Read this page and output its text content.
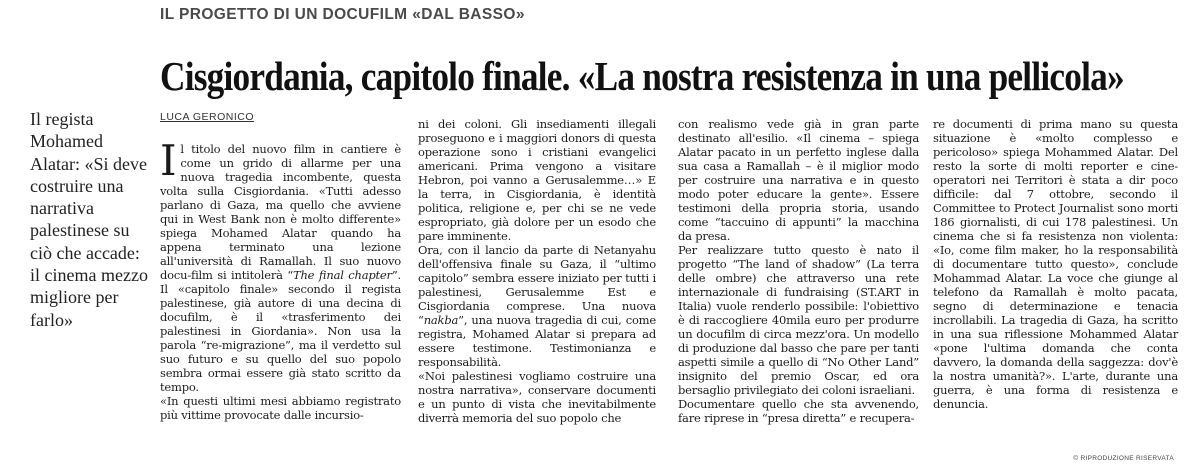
IL PROGETTO DI UN DOCUFILM «DAL BASSO»
Cisgiordania, capitolo finale. «La nostra resistenza in una pellicola»

Il regista Mohamed Alatar: «Si deve costruire una narrativa palestinese su ciò che accade: il cinema mezzo migliore per farlo»

LUCA GERONICO

Il titolo del nuovo film in cantiere è come un grido di allarme per una nuova tragedia incombente, questa volta sulla Cisgiordania. «Tutti adesso parlano di Gaza, ma quello che avviene qui in West Bank non è molto differente» spiega Mohamed Alatar quando ha appena terminato una lezione all'università di Ramallah. Il suo nuovo docu-film si intitolerà “The final chapter”. Il «capitolo finale» secondo il regista palestinese, già autore di una decina di docufilm, è il «trasferimento dei palestinesi in Giordania». Non usa la parola “re-migrazione”, ma il verdetto sul suo futuro e su quello del suo popolo sembra ormai essere già stato scritto da tempo.

«In questi ultimi mesi abbiamo registrato più vittime provocate dalle incursio-

ni dei coloni. Gli insediamenti illegali proseguono e i maggiori donors di questa operazione sono i cristiani evangelici americani. Prima vengono a visitare Hebron, poi vanno a Gerusalemme…» E la terra, in Cisgiordania, è identità politica, religione e, per chi se ne vede espropriato, già dolore per un esodo che pare imminente.

Ora, con il lancio da parte di Netanyahu dell'offensiva finale su Gaza, il “ultimo capitolo” sembra essere iniziato per tutti i palestinesi, Gerusalemme Est e Cisgiordania comprese. Una nuova “nakba”, una nuova tragedia di cui, come registra, Mohamed Alatar si prepara ad essere testimone. Testimonianza e responsabilità.

«Noi palestinesi vogliamo costruire una nostra narrativa», conservare documenti e un punto di vista che inevitabilmente diverrà memoria del suo popolo che

con realismo vede già in gran parte destinato all'esilio. «Il cinema – spiega Alatar pacato in un perfetto inglese dalla sua casa a Ramallah – è il miglior modo per costruire una narrativa e in questo modo poter educare la gente». Essere testimoni della propria storia, usando come “taccuino di appunti” la macchina da presa.

Per realizzare tutto questo è nato il progetto “The land of shadow” (La terra delle ombre) che attraverso una rete internazionale di fundraising (ST.ART in Italia) vuole renderlo possibile: l'obiettivo è di raccogliere 40mila euro per produrre un docufilm di circa mezz'ora. Un modello di produzione dal basso che pare per tanti aspetti simile a quello di “No Other Land” insignito del premio Oscar, ed ora bersaglio privilegiato dei coloni israeliani.

Documentare quello che sta avvenendo, fare riprese in “presa diretta” e recupera-

re documenti di prima mano su questa situazione è «molto complesso e pericoloso» spiega Mohammed Alatar. Del resto la sorte di molti reporter e cine-operatori nei Territori è stata a dir poco difficile: dal 7 ottobre, secondo il Committee to Protect Journalist sono morti 186 giornalisti, di cui 178 palestinesi. Un cinema che si fa resistenza non violenta: «Io, come film maker, ho la responsabilità di documentare tutto questo», conclude Mohammad Alatar. La voce che giunge al telefono da Ramallah è molto pacata, segno di determinazione e tenacia incrollabili. La tragedia di Gaza, ha scritto in una sua riflessione Mohammed Alatar «pone l'ultima domanda che conta davvero, la domanda della saggezza: dov'è la nostra umanità?». L'arte, durante una guerra, è una forma di resistenza e denuncia.

© RIPRODUZIONE RISERVATA
